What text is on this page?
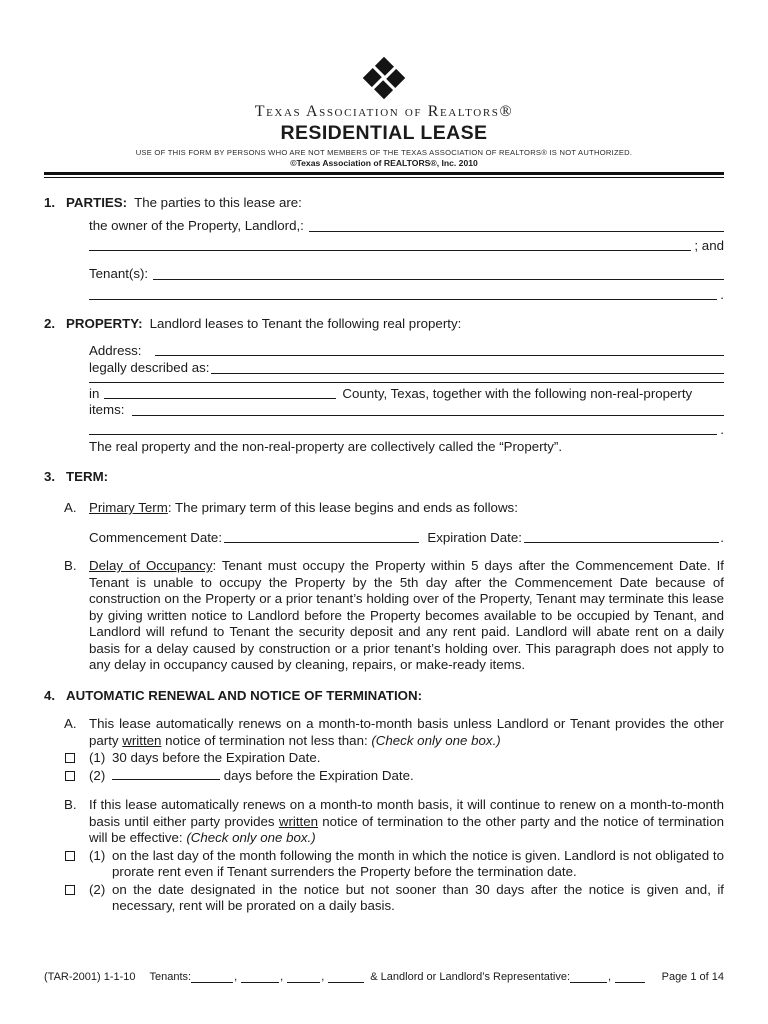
Texas Association of Realtors®
RESIDENTIAL LEASE
USE OF THIS FORM BY PERSONS WHO ARE NOT MEMBERS OF THE TEXAS ASSOCIATION OF REALTORS® IS NOT AUTHORIZED.
©Texas Association of REALTORS®, Inc. 2010
1. PARTIES: The parties to this lease are:
the owner of the Property, Landlord,:
; and
Tenant(s):
.
2. PROPERTY: Landlord leases to Tenant the following real property:
Address:
legally described as:
in	County, Texas, together with the following non-real-property
items:
.
The real property and the non-real-property are collectively called the “Property”.
3. TERM:
A. Primary Term: The primary term of this lease begins and ends as follows:
Commencement Date:	Expiration Date:	.
B. Delay of Occupancy: Tenant must occupy the Property within 5 days after the Commencement Date. If Tenant is unable to occupy the Property by the 5th day after the Commencement Date because of construction on the Property or a prior tenant’s holding over of the Property, Tenant may terminate this lease by giving written notice to Landlord before the Property becomes available to be occupied by Tenant, and Landlord will refund to Tenant the security deposit and any rent paid. Landlord will abate rent on a daily basis for a delay caused by construction or a prior tenant’s holding over. This paragraph does not apply to any delay in occupancy caused by cleaning, repairs, or make-ready items.
4. AUTOMATIC RENEWAL AND NOTICE OF TERMINATION:
A. This lease automatically renews on a month-to-month basis unless Landlord or Tenant provides the other party written notice of termination not less than: (Check only one box.)
(1) 30 days before the Expiration Date.
(2)	days before the Expiration Date.
B. If this lease automatically renews on a month-to month basis, it will continue to renew on a month-to-month basis until either party provides written notice of termination to the other party and the notice of termination will be effective: (Check only one box.)
(1) on the last day of the month following the month in which the notice is given. Landlord is not obligated to prorate rent even if Tenant surrenders the Property before the termination date.
(2) on the date designated in the notice but not sooner than 30 days after the notice is given and, if necessary, rent will be prorated on a daily basis.
(TAR-2001) 1-1-10 Tenants:	,	,	,	& Landlord or Landlord’s Representative:	,	Page 1 of 14
